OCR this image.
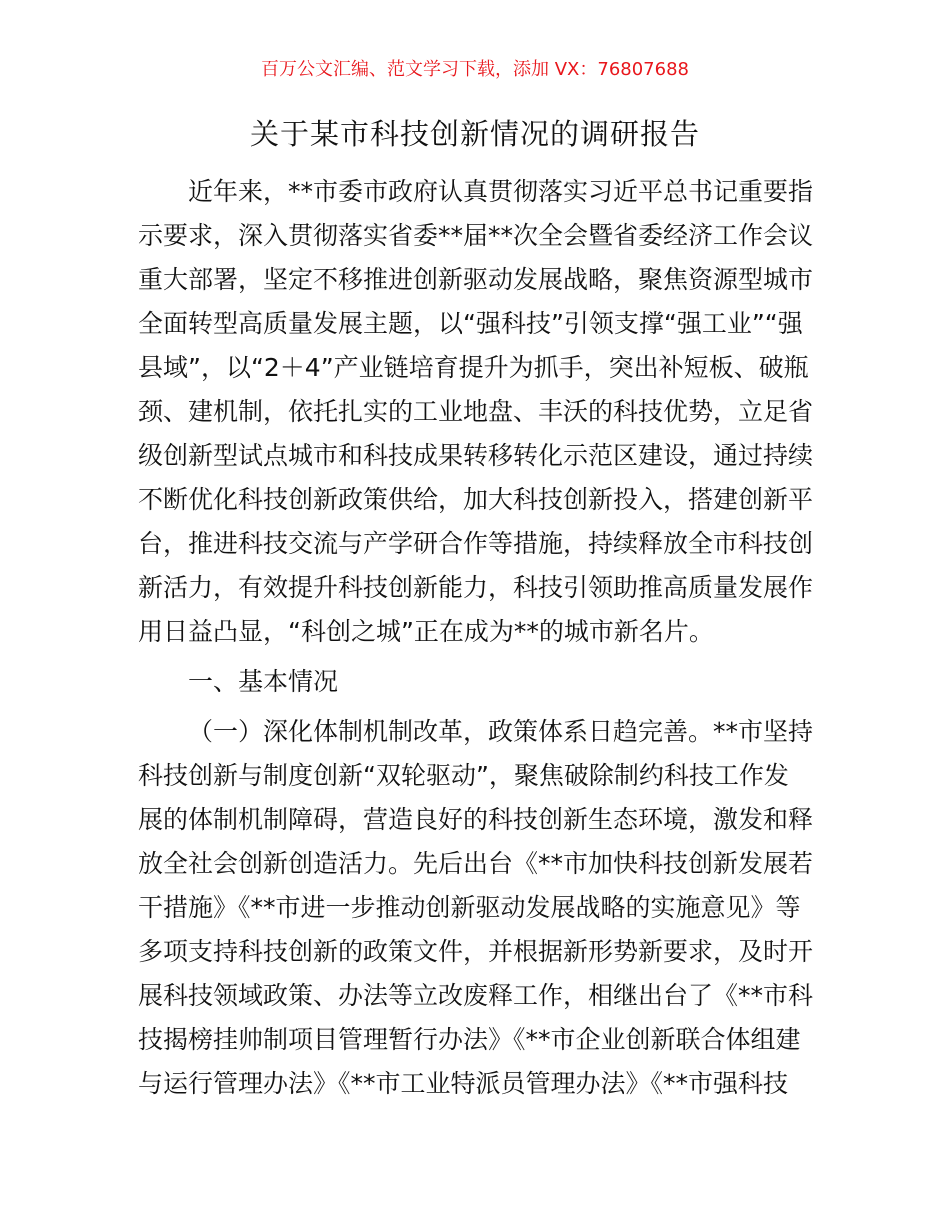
百万公文汇编、范文学习下载，添加 VX：76807688
关于某市科技创新情况的调研报告
近年来，**市委市政府认真贯彻落实习近平总书记重要指
示要求，深入贯彻落实省委**届**次全会暨省委经济工作会议
重大部署，坚定不移推进创新驱动发展战略，聚焦资源型城市
全面转型高质量发展主题，以“强科技”引领支撑“强工业”“强
县域”，以“2＋4”产业链培育提升为抓手，突出补短板、破瓶
颈、建机制，依托扎实的工业地盘、丰沃的科技优势，立足省
级创新型试点城市和科技成果转移转化示范区建设，通过持续
不断优化科技创新政策供给，加大科技创新投入，搭建创新平
台，推进科技交流与产学研合作等措施，持续释放全市科技创
新活力，有效提升科技创新能力，科技引领助推高质量发展作
用日益凸显，“科创之城”正在成为**的城市新名片。
一、基本情况
（一）深化体制机制改革，政策体系日趋完善。**市坚持
科技创新与制度创新“双轮驱动”，聚焦破除制约科技工作发
展的体制机制障碍，营造良好的科技创新生态环境，激发和释
放全社会创新创造活力。先后出台《**市加快科技创新发展若
干措施》《**市进一步推动创新驱动发展战略的实施意见》等
多项支持科技创新的政策文件，并根据新形势新要求，及时开
展科技领域政策、办法等立改废释工作，相继出台了《**市科
技揭榜挂帅制项目管理暂行办法》《**市企业创新联合体组建
与运行管理办法》《**市工业特派员管理办法》《**市强科技
